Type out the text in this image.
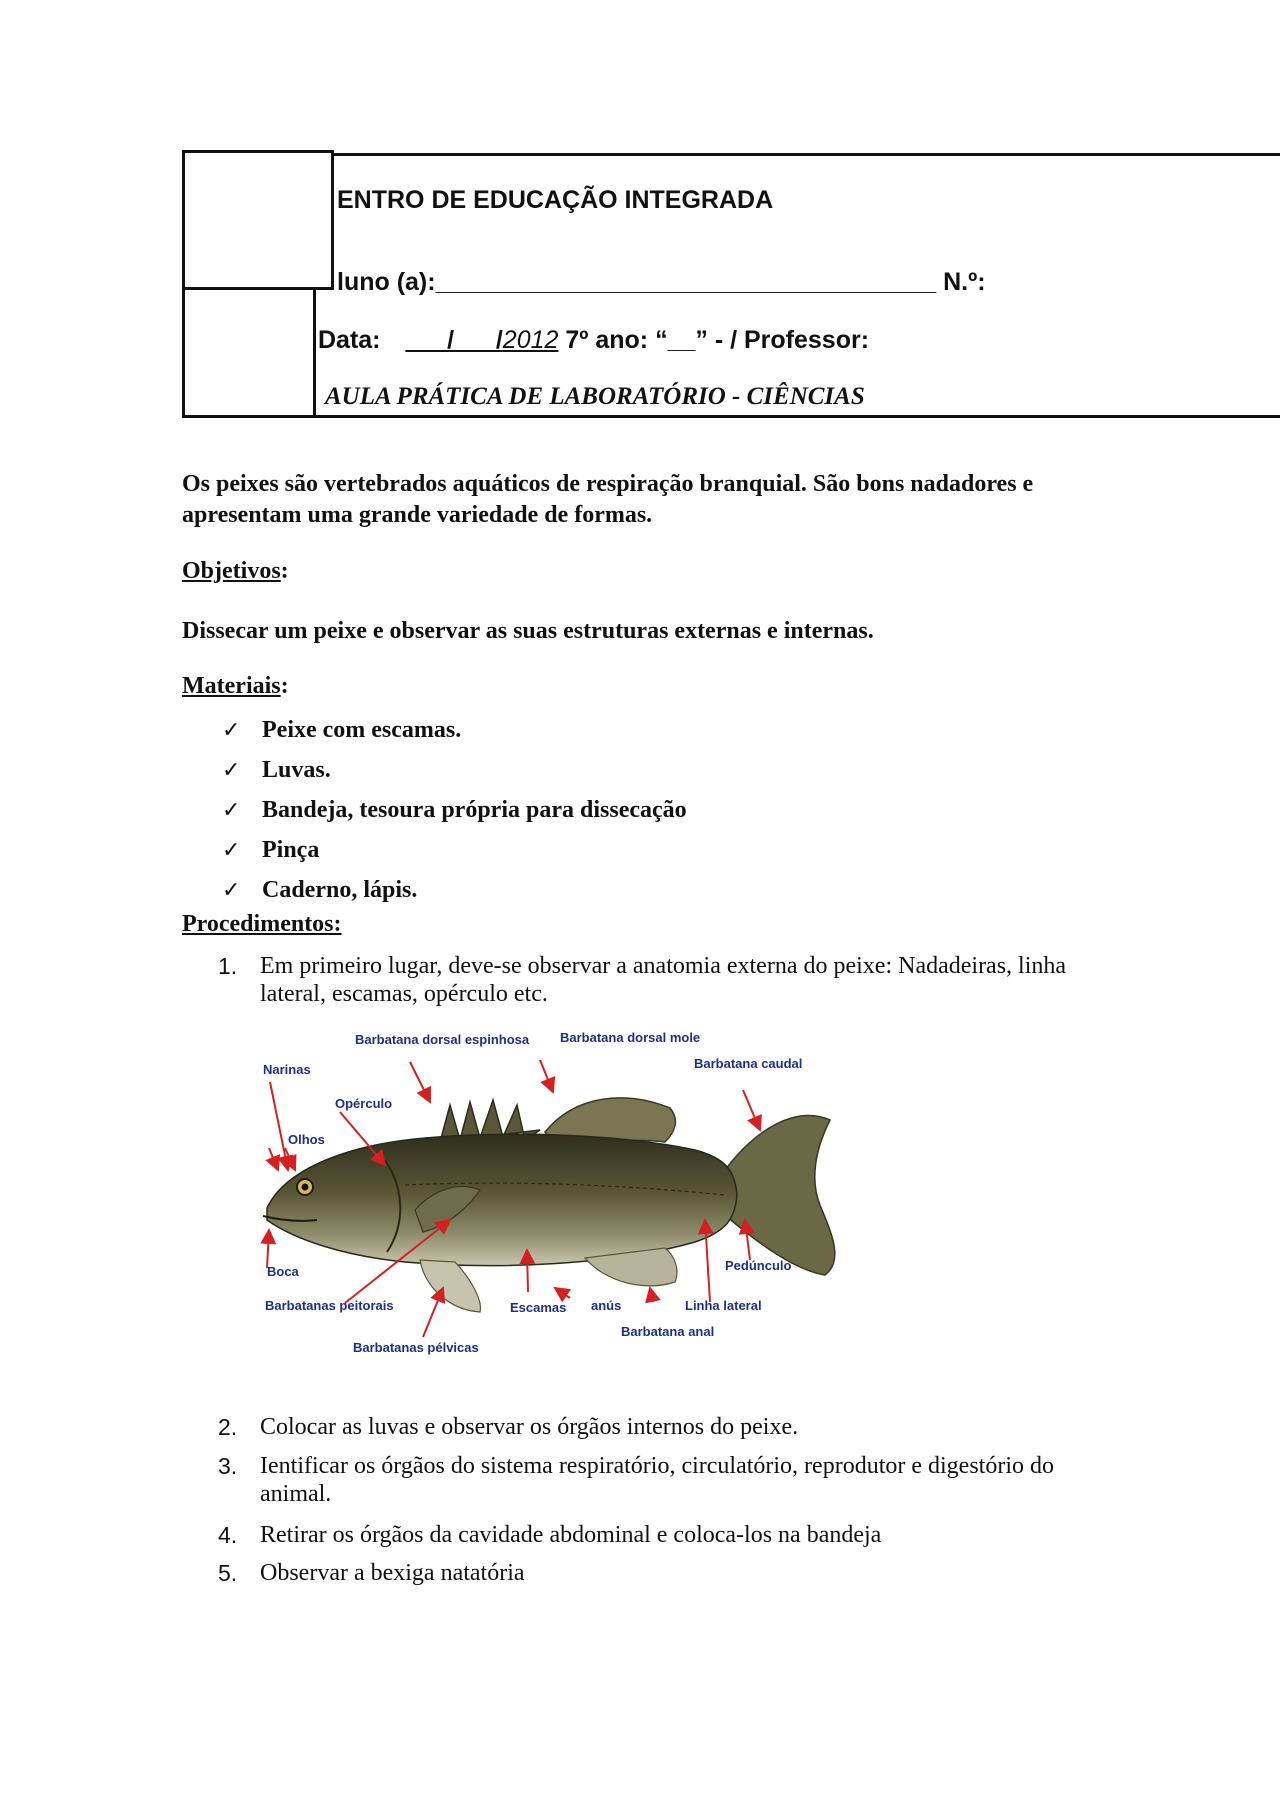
ENTRO DE EDUCAÇÃO INTEGRADA
luno (a):____________________________________ N.º:
Data: ___/___/2012 7º ano: “__” - / Professor:
AULA PRÁTICA DE LABORATÓRIO - CIÊNCIAS
Os peixes são vertebrados aquáticos de respiração branquial. São bons nadadores e apresentam uma grande variedade de formas.
Objetivos:
Dissecar um peixe e observar as suas estruturas externas e internas.
Materiais:
✓ Peixe com escamas.
✓ Luvas.
✓ Bandeja, tesoura própria para dissecação
✓ Pinça
✓ Caderno, lápis.
Procedimentos:
1. Em primeiro lugar, deve-se observar a anatomia externa do peixe: Nadadeiras, linha lateral, escamas, opérculo etc.
Barbatana dorsal espinhosa Barbatana dorsal mole
Barbatana caudal
Narinas
Opérculo
Olhos
Boca
Barbatanas peitorais
Barbatanas pélvicas
Escamas anús	Linha lateral
Barbatana anal
Pedúnculo
2. Colocar as luvas e observar os órgãos internos do peixe.
3. Ientificar os órgãos do sistema respiratório, circulatório, reprodutor e digestório do animal.
4. Retirar os órgãos da cavidade abdominal e coloca-los na bandeja
5. Observar a bexiga natatória
